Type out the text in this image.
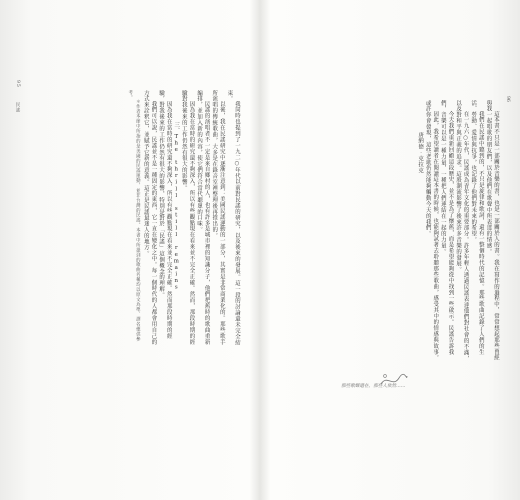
95
民謠	我同時也提到了一九二○年代以前對民謠的研究，以及後來的發展。這一段的討論還未完全結束。

以後，我在民謠研究中逐漸注意到：美國民謠運動的一部分，其實是非常商業化的。那些歌手所演唱的傳統歌曲，大多是在錄音室裡整理後再推出的。

民謠的演唱者不一定是來自鄉村的人，也有許多是城市裡的知識分子，他們把舊時的歌曲重新編排，並加入新的內容，使它們符合當代聽眾的口味。

因為我在當時的研究還不夠深入，所以有些觀點現在看來並不完全正確。然而，那段時期的經驗對我後來的工作仍然有很大的影響。

三、The thrill still remains

因為我在當時的研究還不夠深入，所以有些觀點現在看來並不完全正確。然而那段時期的經驗，對我後來的工作仍然有很大的影響，特別是對於「民謠」這個概念的理解。

我們可以說，民謠並不是一種固定的東西，它一直在變化之中。每一個時代的人都會用自己的方式來詮釈它，並賦予它新的意義。這正是民謠最迷人的地方。

＊作者本節中所指的是美國的民謠運動，並非台灣的民謠。本書中所提到的歌曲名稱均以原文為準，譯名僅供參考。	96

這本書不只是一部關於音樂的書，也是一部關於人的書。我在寫作的過程中，常常想起那些曾經與我一起唱歌的朋友們，以及他們在歌聲中所表達的情感。

我們在民謠中聽到的，不只是旋律和歌詞，還有一整個時代的記憶。那些歌曲記錄了人們的生活、勞動、愛情與抗爭，也記錄了他們對未來的希望。

在一九六○年代，民謠成為青年文化的重要部分。許多年輕人透過民謠表達他們對社會的不滿，以及對和平與正義的追求。這股潮流影響了後來許多音樂的發展。

今天我們重新回顧這段歷史，並不是為了懷舊，而是希望能夠從中找到一些啟示。民謠告訴我們，音樂可以是一種力量，一種把人們連結在一起的力量。

因此，我希望讀者在閱讀這本書的時候，也能夠試著去聆聽那些歌曲，感受其中的情感與故事。或許你會發現，這些老歌仍然能夠觸動今天的我們。

唐納德‧克拉克

那些歌聲還在，那些人依然……
